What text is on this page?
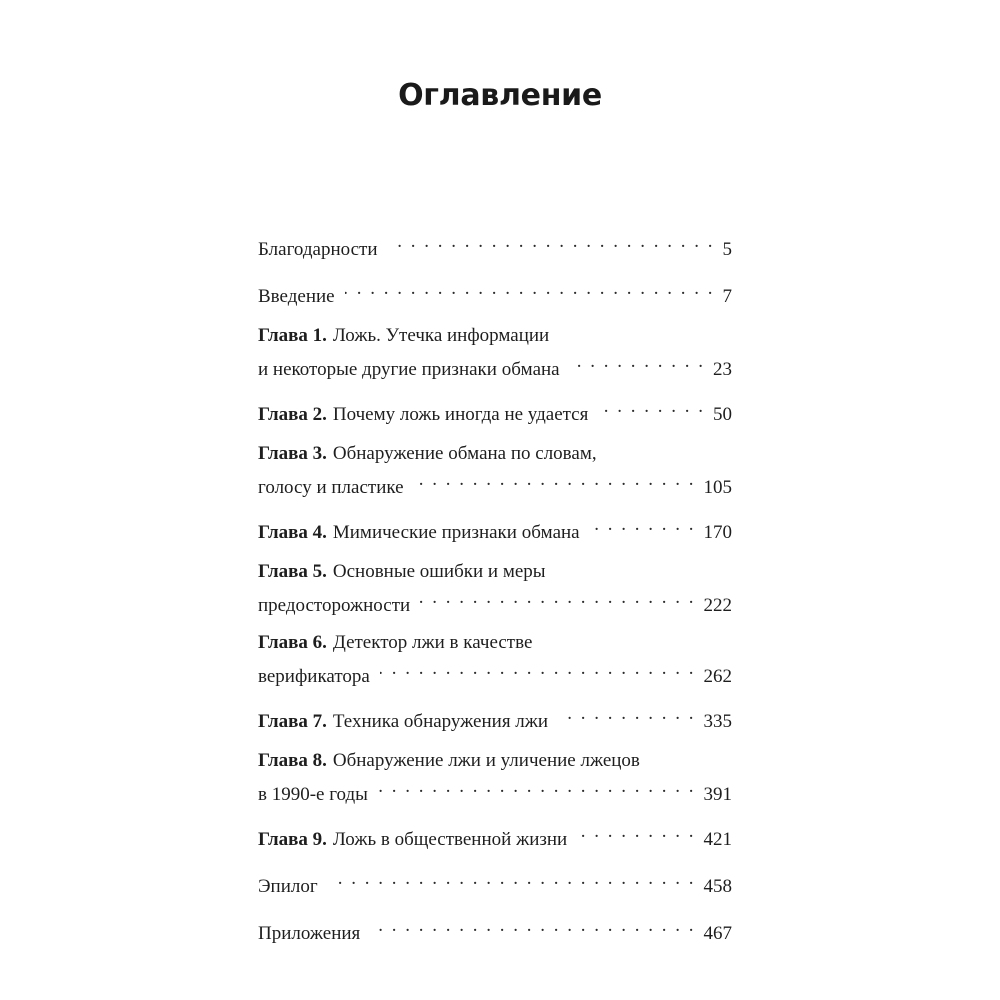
Оглавление
Благодарности . . .	5
Введение . . .	7
Глава 1. Ложь. Утечка информации
и некоторые другие признаки обмана . . .	23
Глава 2. Почему ложь иногда не удается . . .	50
Глава 3. Обнаружение обмана по словам,
голосу и пластике . . .	105
Глава 4. Мимические признаки обмана . . .	170
Глава 5. Основные ошибки и меры
предосторожности . . .	222
Глава 6. Детектор лжи в качестве
верификатора . . .	262
Глава 7. Техника обнаружения лжи . . .	335
Глава 8. Обнаружение лжи и уличение лжецов
в 1990-е годы . . .	391
Глава 9. Ложь в общественной жизни . . .	421
Эпилог . . .	458
Приложения . . .	467
